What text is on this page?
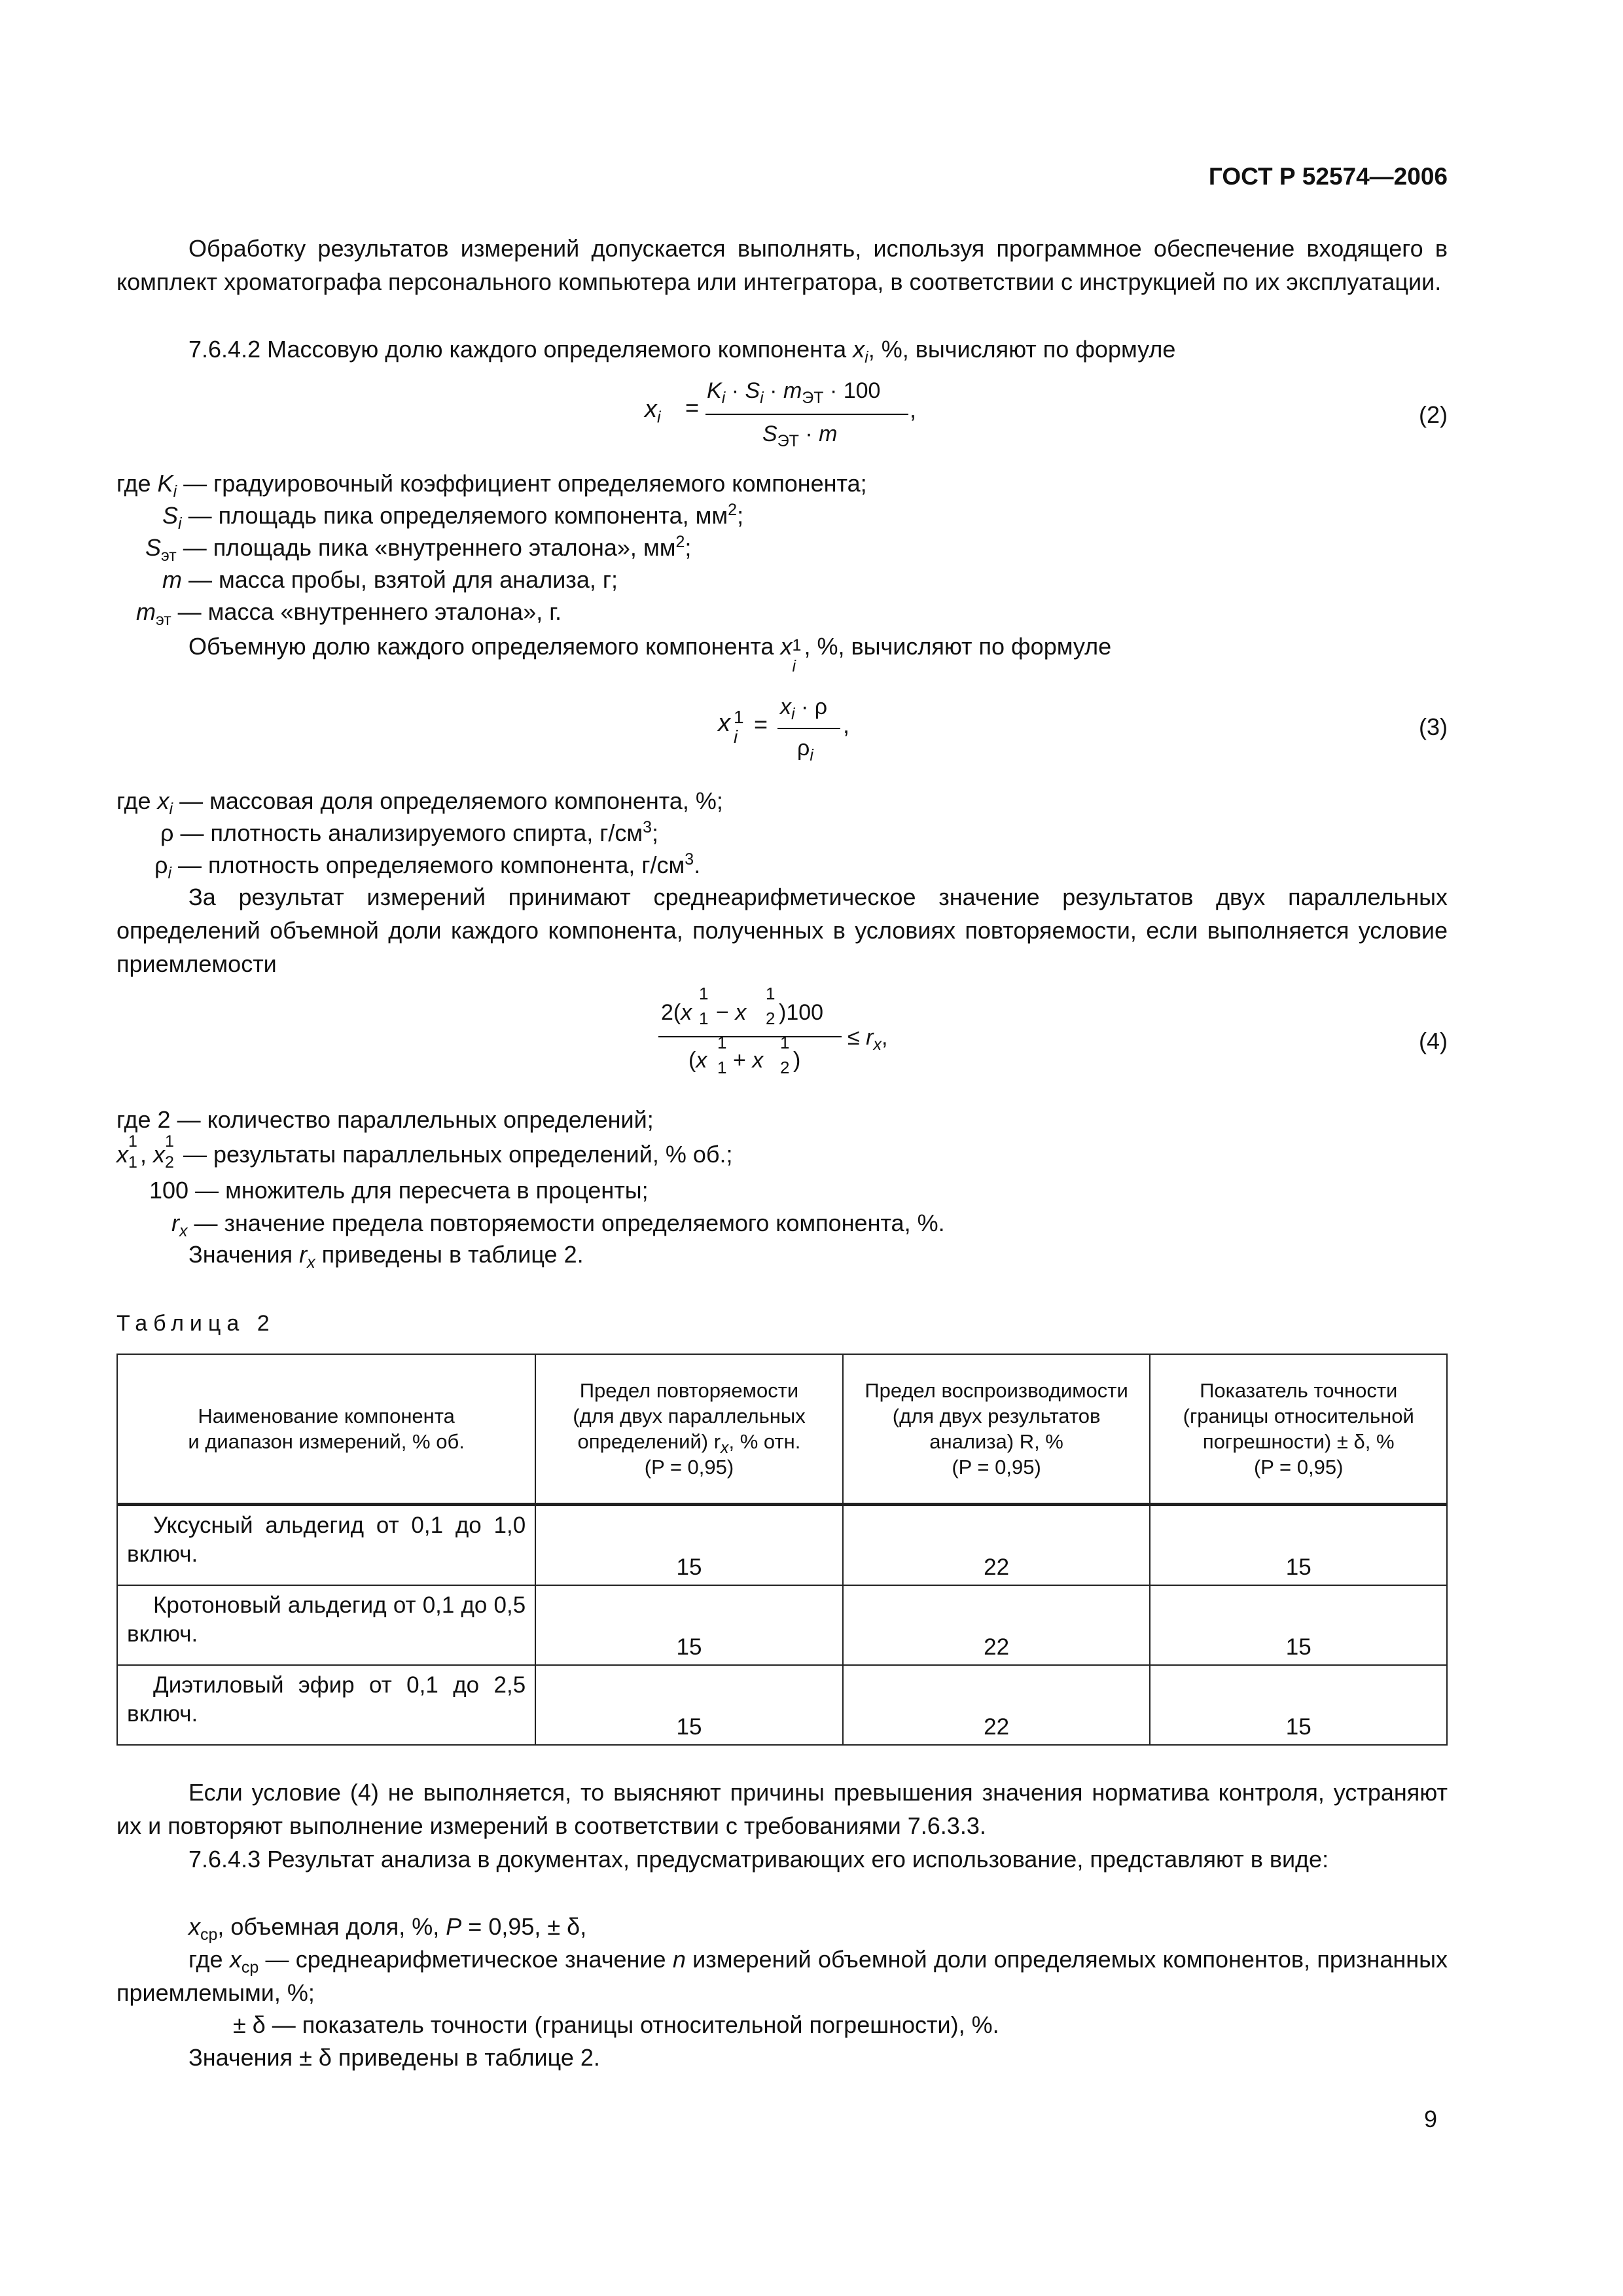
ГОСТ Р 52574—2006
Обработку результатов измерений допускается выполнять, используя программное обеспечение входящего в комплект хроматографа персонального компьютера или интегратора, в соответствии с инструкцией по их эксплуатации.
7.6.4.2 Массовую долю каждого определяемого компонента $x_i$, %, вычисляют по формуле
$x_i$ =
$K_i \cdot S_i \cdot m_{ЭТ} \cdot 100$
$S_{ЭТ} \cdot m$
,	(2)
где $K_i$ — градуировочный коэффициент определяемого компонента;
$S_i$ — площадь пика определяемого компонента, $мм^2$;
$S_{эт}$ — площадь пика «внутреннего эталона», $мм^2$;
m — масса пробы, взятой для анализа, г;
$m_{эт}$ — масса «внутреннего эталона», г.
Объемную долю каждого определяемого компонента x 1
i
, %, вычисляют по формуле
x 1
i =
$x_i \cdot \rho$
$\rho_i$
,	(3)
где $x_i$ — массовая доля определяемого компонента, %;
ρ — плотность анализируемого спирта, $г/см^3$;
$\rho_i$ — плотность определяемого компонента, $г/см^3$.
За результат измерений принимают среднеарифметическое значение результатов двух параллельных определений объемной доли каждого компонента, полученных в условиях повторяемости, если выполняется условие приемлемости
2(x
1
1 − x
1
2 )100
(x
1
1 + x
1
2 )
≤ $r_x$,	(4)
где 2 — количество параллельных определений;
x 1
1 , x 1
2 — результаты параллельных определений, % об.;
100 — множитель для пересчета в проценты;
$r_x$ — значение предела повторяемости определяемого компонента, %.
Значения $r_x$ приведены в таблице 2.
Таблица 2
Наименование компонента
и диапазон измерений, % об.	Предел повторяемости
(для двух параллельных
определений) $r_x$, % отн.
(P = 0,95)	Предел воспроизводимости
(для двух результатов
анализа) R, %
(P = 0,95)	Показатель точности
(границы относительной
погрешности) ± δ, %
(P = 0,95)

Уксусный альдегид от 0,1 до 1,0 включ.	15	22	15

Кротоновый альдегид от 0,1 до 0,5 включ.	15	22	15

Диэтиловый эфир от 0,1 до 2,5 включ.	15	22	15
Если условие (4) не выполняется, то выясняют причины превышения значения норматива контроля, устраняют их и повторяют выполнение измерений в соответствии с требованиями 7.6.3.3.
7.6.4.3 Результат анализа в документах, предусматривающих его использование, представляют в виде:
$x_{ср}$, объемная доля, %, P = 0,95, ± δ,
где $x_{ср}$ — среднеарифметическое значение n измерений объемной доли определяемых компонентов, признанных приемлемыми, %;
± δ — показатель точности (границы относительной погрешности), %.
Значения ± δ приведены в таблице 2.
9
